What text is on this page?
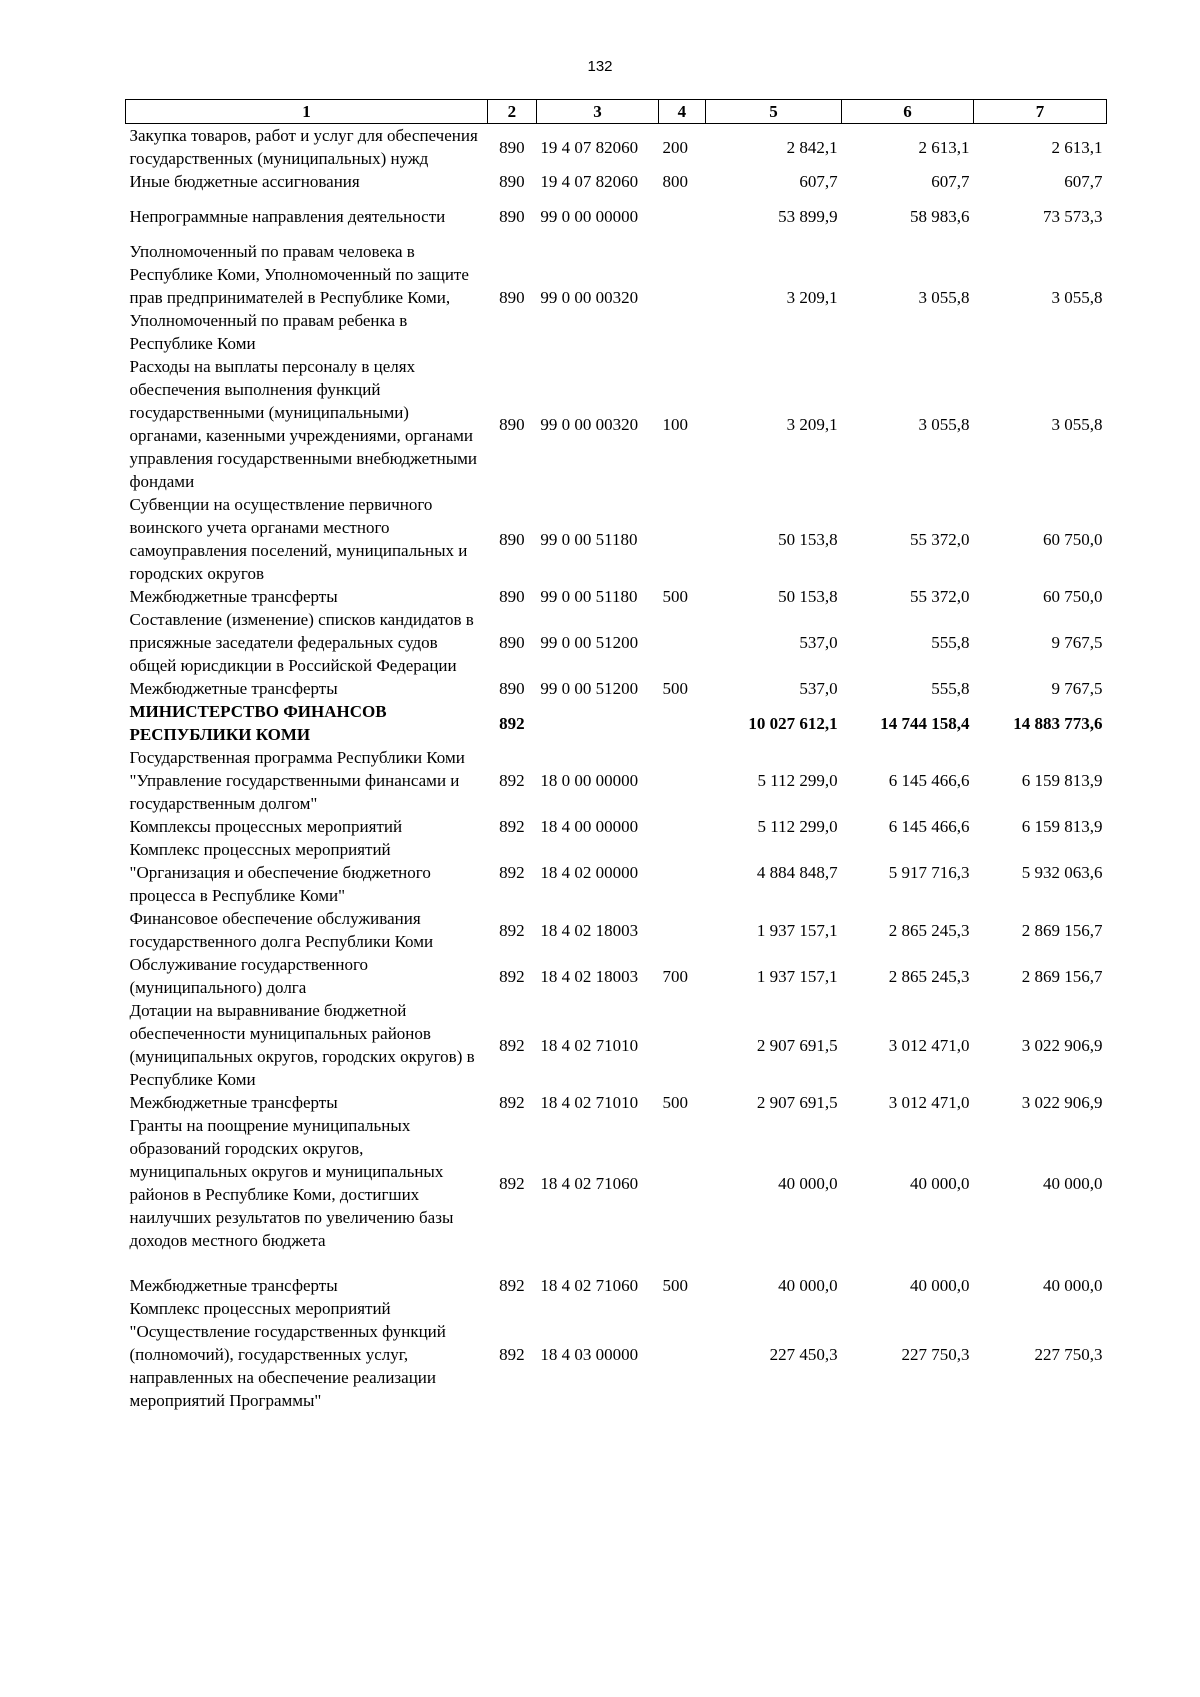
132
1	2	3	4	5	6	7
Закупка товаров, работ и услуг для обеспечения государственных (муниципальных) нужд	890	19 4 07 82060	200	2 842,1	2 613,1	2 613,1
Иные бюджетные ассигнования	890	19 4 07 82060	800	607,7	607,7	607,7
Непрограммные направления деятельности	890	99 0 00 00000		53 899,9	58 983,6	73 573,3
Уполномоченный по правам человека в Республике Коми, Уполномоченный по защите прав предпринимателей в Республике Коми, Уполномоченный по правам ребенка в Республике Коми	890	99 0 00 00320		3 209,1	3 055,8	3 055,8
Расходы на выплаты персоналу в целях обеспечения выполнения функций государственными (муниципальными) органами, казенными учреждениями, органами управления государственными внебюджетными фондами	890	99 0 00 00320	100	3 209,1	3 055,8	3 055,8
Субвенции на осуществление первичного воинского учета органами местного самоуправления поселений, муниципальных и городских округов	890	99 0 00 51180		50 153,8	55 372,0	60 750,0
Межбюджетные трансферты	890	99 0 00 51180	500	50 153,8	55 372,0	60 750,0
Составление (изменение) списков кандидатов в присяжные заседатели федеральных судов общей юрисдикции в Российской Федерации	890	99 0 00 51200		537,0	555,8	9 767,5
Межбюджетные трансферты	890	99 0 00 51200	500	537,0	555,8	9 767,5
МИНИСТЕРСТВО ФИНАНСОВ РЕСПУБЛИКИ КОМИ	892			10 027 612,1	14 744 158,4	14 883 773,6
Государственная программа Республики Коми "Управление государственными финансами и государственным долгом"	892	18 0 00 00000		5 112 299,0	6 145 466,6	6 159 813,9
Комплексы процессных мероприятий	892	18 4 00 00000		5 112 299,0	6 145 466,6	6 159 813,9
Комплекс процессных мероприятий "Организация и обеспечение бюджетного процесса в Республике Коми"	892	18 4 02 00000		4 884 848,7	5 917 716,3	5 932 063,6
Финансовое обеспечение обслуживания государственного долга Республики Коми	892	18 4 02 18003		1 937 157,1	2 865 245,3	2 869 156,7
Обслуживание государственного (муниципального) долга	892	18 4 02 18003	700	1 937 157,1	2 865 245,3	2 869 156,7
Дотации на выравнивание бюджетной обеспеченности муниципальных районов (муниципальных округов, городских округов) в Республике Коми	892	18 4 02 71010		2 907 691,5	3 012 471,0	3 022 906,9
Межбюджетные трансферты	892	18 4 02 71010	500	2 907 691,5	3 012 471,0	3 022 906,9
Гранты на поощрение муниципальных образований городских округов, муниципальных округов и муниципальных районов в Республике Коми, достигших наилучших результатов по увеличению базы доходов местного бюджета	892	18 4 02 71060		40 000,0	40 000,0	40 000,0
Межбюджетные трансферты	892	18 4 02 71060	500	40 000,0	40 000,0	40 000,0
Комплекс процессных мероприятий "Осуществление государственных функций (полномочий), государственных услуг, направленных на обеспечение реализации мероприятий Программы"	892	18 4 03 00000		227 450,3	227 750,3	227 750,3
